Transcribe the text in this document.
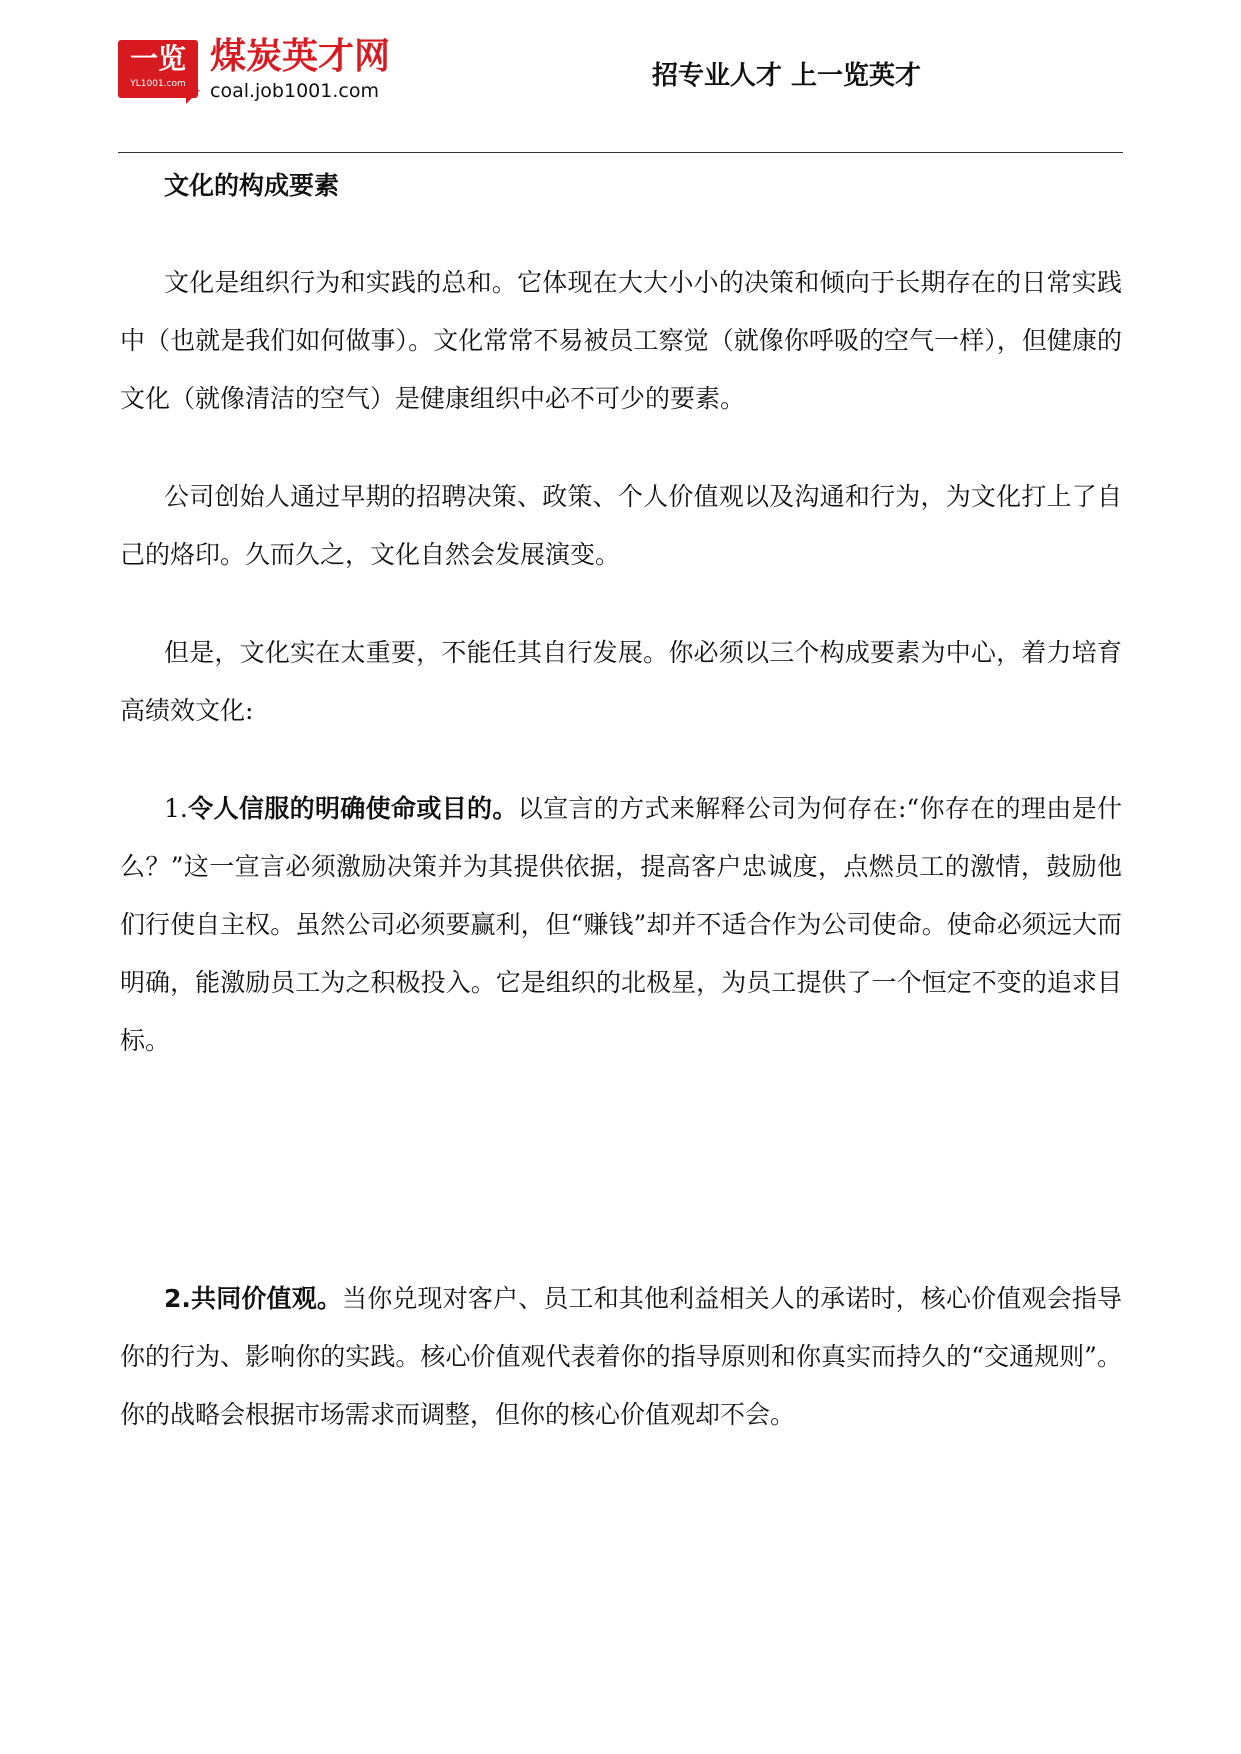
一览
YL1001.com
煤炭英才网
coal.job1001.com	招专业人才 上一览英才
文化的构成要素

文化是组织行为和实践的总和。它体现在大大小小的决策和倾向于长期存在的日常实践中（也就是我们如何做事）。文化常常不易被员工察觉（就像你呼吸的空气一样），但健康的文化（就像清洁的空气）是健康组织中必不可少的要素。

公司创始人通过早期的招聘决策、政策、个人价值观以及沟通和行为，为文化打上了自己的烙印。久而久之，文化自然会发展演变。

但是，文化实在太重要，不能任其自行发展。你必须以三个构成要素为中心，着力培育高绩效文化:

1.令人信服的明确使命或目的。以宣言的方式来解释公司为何存在:“你存在的理由是什么？”这一宣言必须激励决策并为其提供依据，提高客户忠诚度，点燃员工的激情，鼓励他们行使自主权。虽然公司必须要赢利，但“赚钱”却并不适合作为公司使命。使命必须远大而明确，能激励员工为之积极投入。它是组织的北极星，为员工提供了一个恒定不变的追求目标。

2.共同价值观。当你兑现对客户、员工和其他利益相关人的承诺时，核心价值观会指导你的行为、影响你的实践。核心价值观代表着你的指导原则和你真实而持久的“交通规则”。你的战略会根据市场需求而调整，但你的核心价值观却不会。
